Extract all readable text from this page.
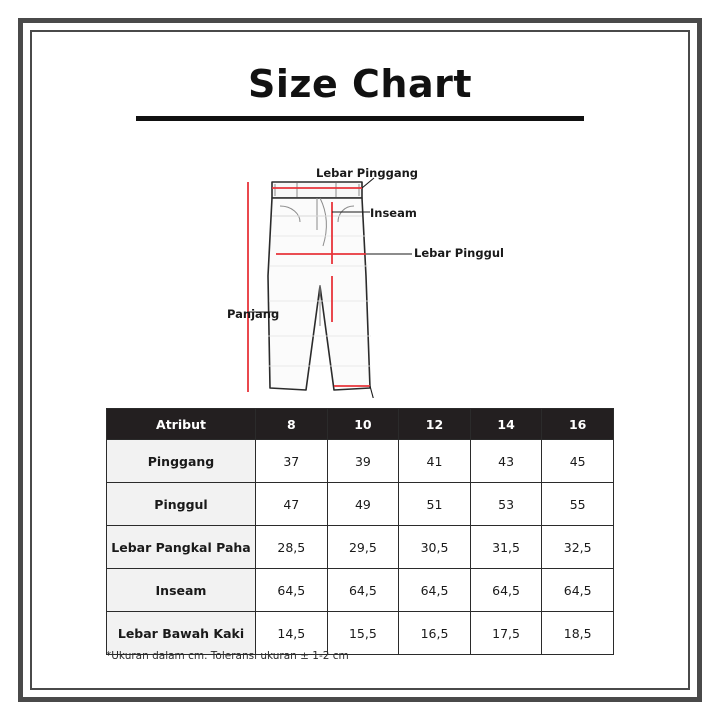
Size Chart
Lebar Pinggang
Inseam
Lebar Pinggul
Panjang
Atribut	8	10	12	14	16
Pinggang	37	39	41	43	45
Pinggul	47	49	51	53	55
Lebar Pangkal Paha	28,5	29,5	30,5	31,5	32,5
Inseam	64,5	64,5	64,5	64,5	64,5
Lebar Bawah Kaki	14,5	15,5	16,5	17,5	18,5
*Ukuran dalam cm. Toleransi ukuran ± 1-2 cm
